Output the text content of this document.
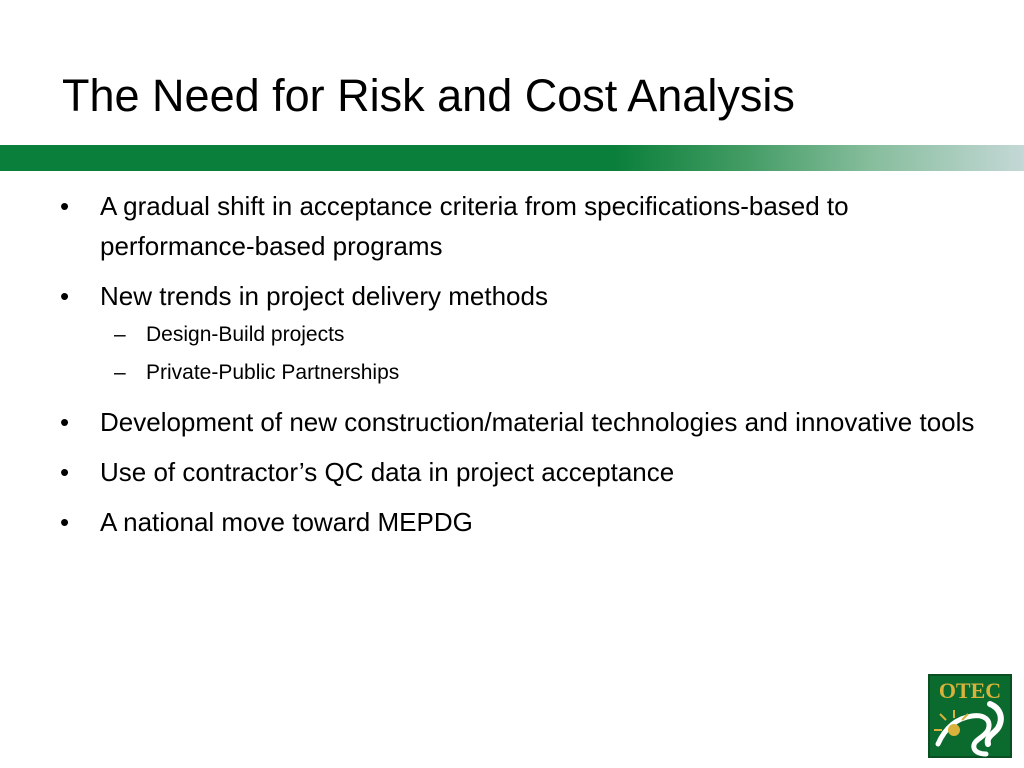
The Need for Risk and Cost Analysis
•	A gradual shift in acceptance criteria from specifications-based to performance-based programs
•	New trends in project delivery methods
– Design-Build projects
– Private-Public Partnerships
•	Development of new construction/material technologies and innovative tools
•	Use of contractor’s QC data in project acceptance
•	A national move toward MEPDG
OTEC
